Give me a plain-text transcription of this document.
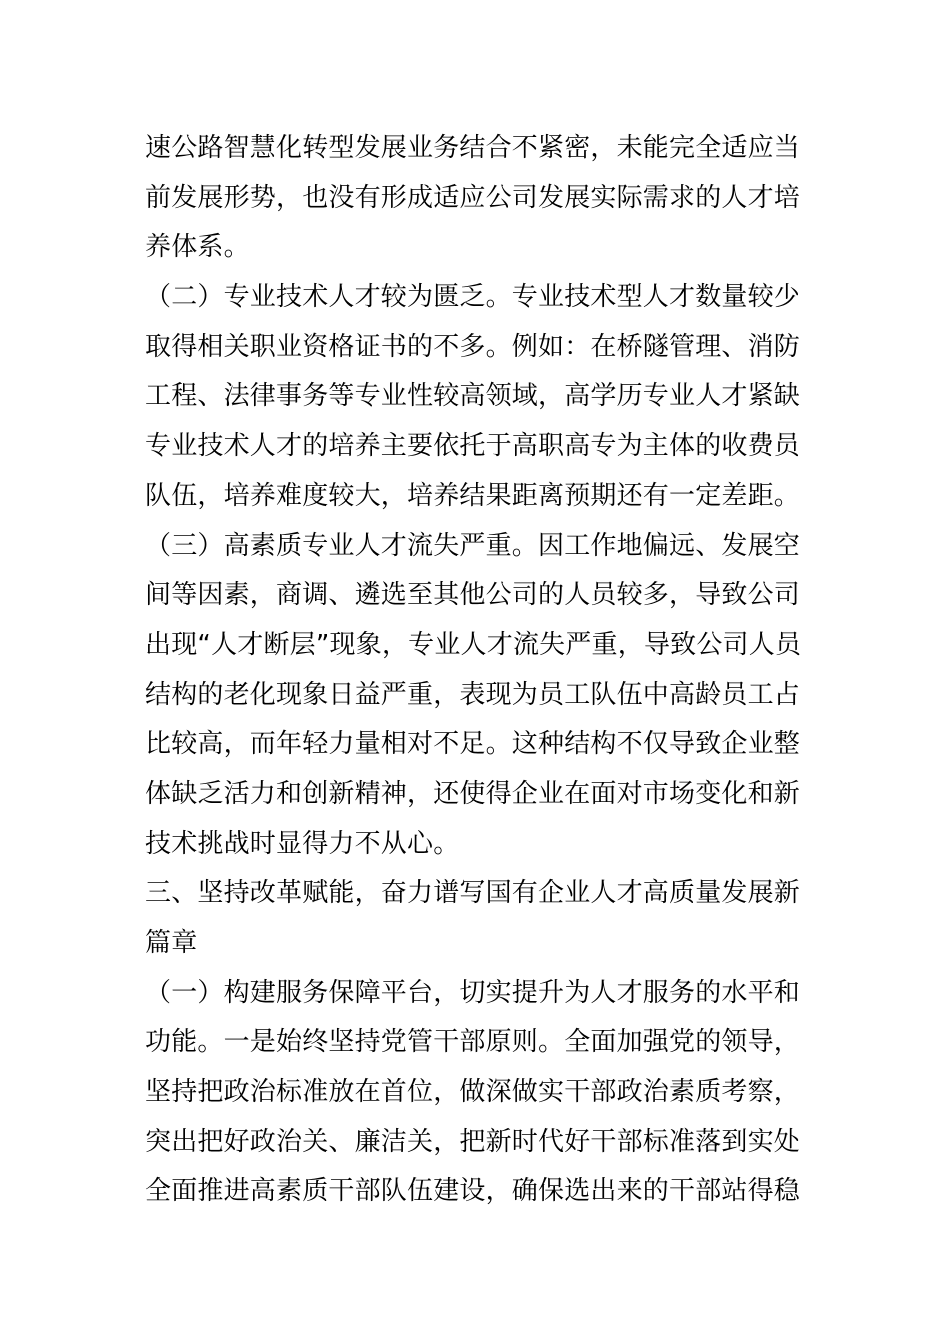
速公路智慧化转型发展业务结合不紧密，未能完全适应当
前发展形势，也没有形成适应公司发展实际需求的人才培
养体系。
（二）专业技术人才较为匮乏。专业技术型人才数量较少
取得相关职业资格证书的不多。例如：在桥隧管理、消防
工程、法律事务等专业性较高领域，高学历专业人才紧缺
专业技术人才的培养主要依托于高职高专为主体的收费员
队伍，培养难度较大，培养结果距离预期还有一定差距。
（三）高素质专业人才流失严重。因工作地偏远、发展空
间等因素，商调、遴选至其他公司的人员较多，导致公司
出现“人才断层”现象，专业人才流失严重，导致公司人员
结构的老化现象日益严重，表现为员工队伍中高龄员工占
比较高，而年轻力量相对不足。这种结构不仅导致企业整
体缺乏活力和创新精神，还使得企业在面对市场变化和新
技术挑战时显得力不从心。
三、坚持改革赋能，奋力谱写国有企业人才高质量发展新
篇章
（一）构建服务保障平台，切实提升为人才服务的水平和
功能。一是始终坚持党管干部原则。全面加强党的领导，
坚持把政治标准放在首位，做深做实干部政治素质考察，
突出把好政治关、廉洁关，把新时代好干部标准落到实处
全面推进高素质干部队伍建设，确保选出来的干部站得稳
